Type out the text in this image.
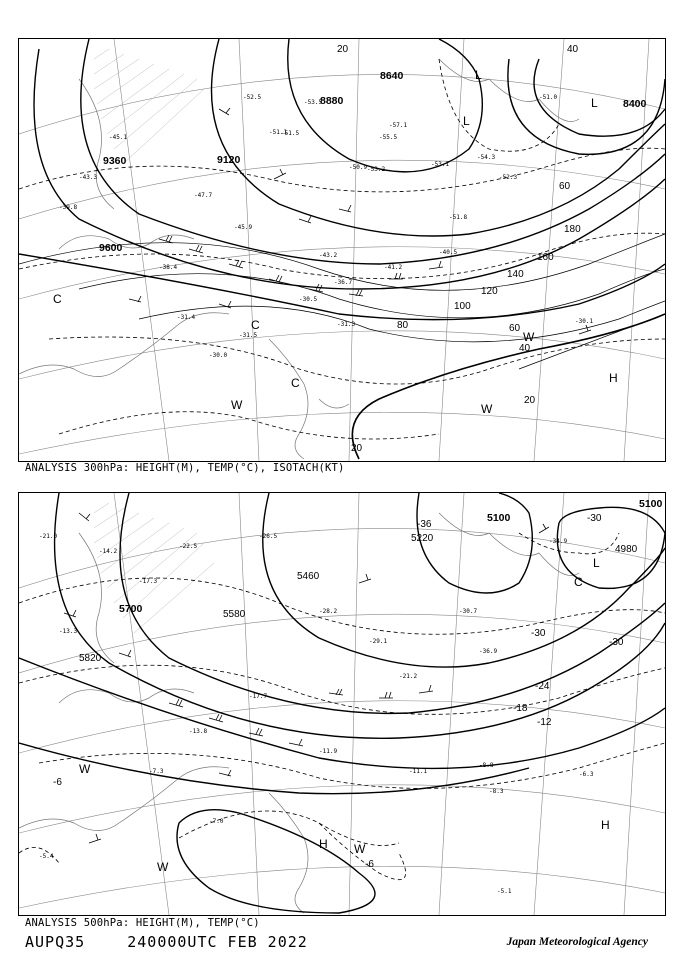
-47.7
-45.9
-43.2
-51.8
-50.9
-55.5
-51.1
-53.5
-45.1
-43.3
-41.2
-40.5
-36.7
-38.4
-51.0
-52.3
-39.8
9360	9120
8880
8640
8400
9600
20	40
60
80
100
120
140
160
180
60
40
20
20
-31.4
-30.0
-31.5
-30.5
-31.3	-30.1
-51.5
-53.2
-54.3
-57.1
-53.1
-52.5
L
L
L
H
W	W
C
C
C
W
ANALYSIS 300hPa: HEIGHT(M), TEMP(°C), ISOTACH(KT)
-21.0
-13.3
-17.3
-22.5
-26.5
-28.2
-29.1
-21.2
-30.7
-36.9
-17.7
-13.8
-7.3
-11.9
-11.1
-8.3
-5.4
-7.0
-34.9
-14.2
5100
5220
5580
5700
5820
4980
5100
5460
-30
-36
-30
-30
-24
-18
-12
-6
-6
-5.1
-6.3
-8.8
L
C
H
H W
W
W
ANALYSIS 500hPa: HEIGHT(M), TEMP(°C)
AUPQ35	240000UTC FEB 2022	Japan Meteorological Agency
